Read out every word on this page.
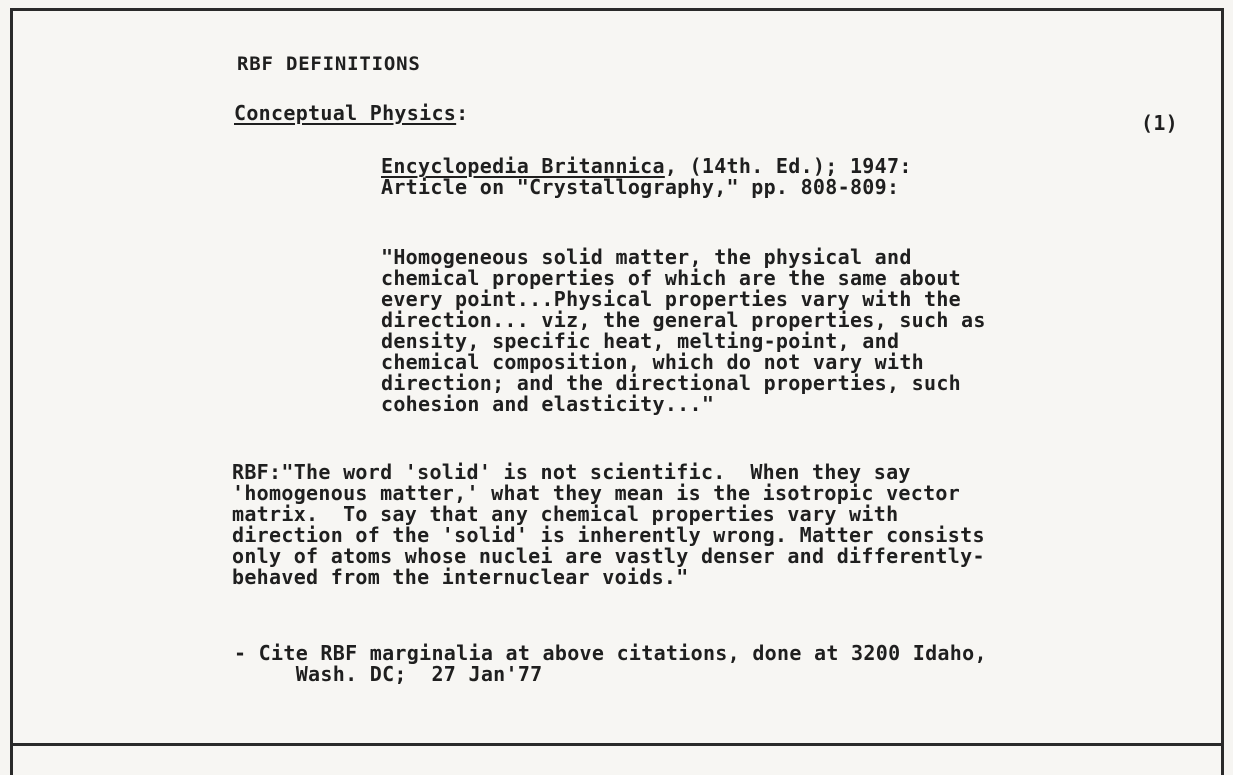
RBF DEFINITIONS
Conceptual Physics:	(1)
Encyclopedia Britannica, (14th. Ed.); 1947:
Article on "Crystallography," pp. 808-809:

"Homogeneous solid matter, the physical and
chemical properties of which are the same about
every point...Physical properties vary with the
direction... viz, the general properties, such as
density, specific heat, melting-point, and
chemical composition, which do not vary with
direction; and the directional properties, such
cohesion and elasticity..."

RBF:"The word 'solid' is not scientific.  When they say
'homogenous matter,' what they mean is the isotropic vector
matrix.  To say that any chemical properties vary with
direction of the 'solid' is inherently wrong. Matter consists
only of atoms whose nuclei are vastly denser and differently-
behaved from the internuclear voids."

- Cite RBF marginalia at above citations, done at 3200 Idaho,
Wash. DC;  27 Jan'77
